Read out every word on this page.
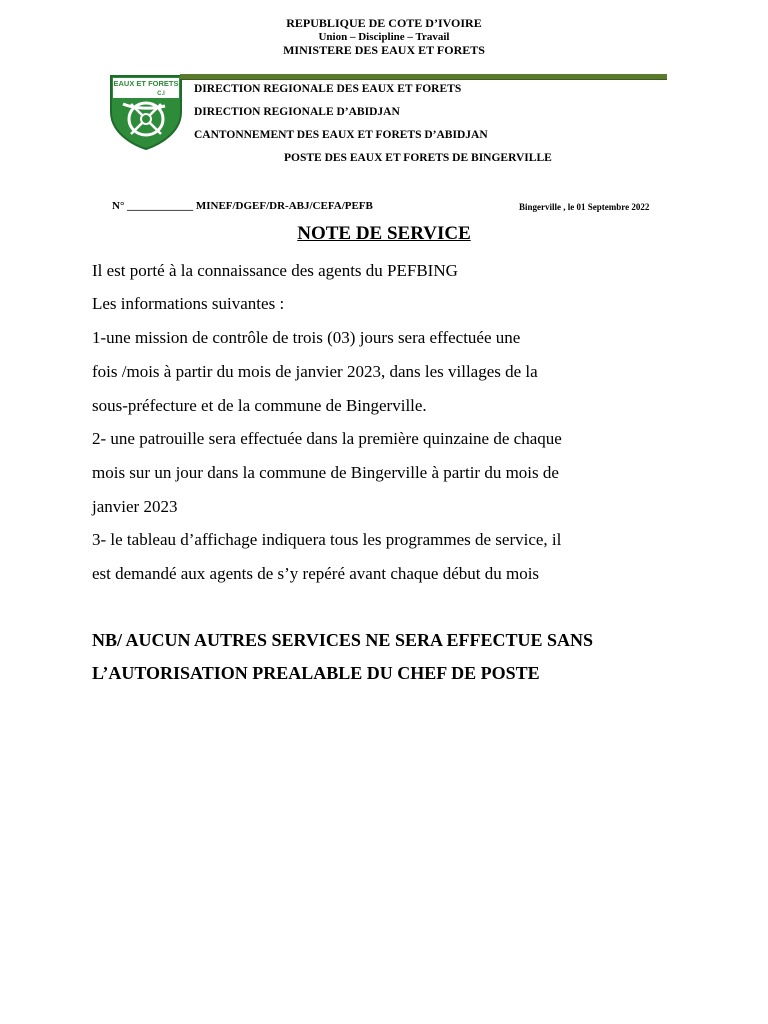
REPUBLIQUE DE COTE D’IVOIRE
Union – Discipline – Travail
MINISTERE DES EAUX ET FORETS
EAUX ET FORETS
C.I	DIRECTION REGIONALE DES EAUX ET FORETS
DIRECTION REGIONALE D’ABIDJAN
CANTONNEMENT DES EAUX ET FORETS D’ABIDJAN
POSTE DES EAUX ET FORETS DE BINGERVILLE
N° ____________ MINEF/DGEF/DR-ABJ/CEFA/PEFB	Bingerville , le 01 Septembre 2022
NOTE DE SERVICE
Il est porté à la connaissance des agents du PEFBING
Les informations suivantes :
1-une mission de contrôle de trois (03) jours sera effectuée une
fois /mois à partir du mois de janvier 2023, dans les villages de la
sous-préfecture et de la commune de Bingerville.
2- une patrouille sera effectuée dans la première quinzaine de chaque
mois sur un jour dans la commune de Bingerville à partir du mois de
janvier 2023
3- le tableau d’affichage indiquera tous les programmes de service, il
est demandé aux agents de s’y repéré avant chaque début du mois
NB/ AUCUN AUTRES SERVICES NE SERA EFFECTUE SANS
L’AUTORISATION PREALABLE DU CHEF DE POSTE
